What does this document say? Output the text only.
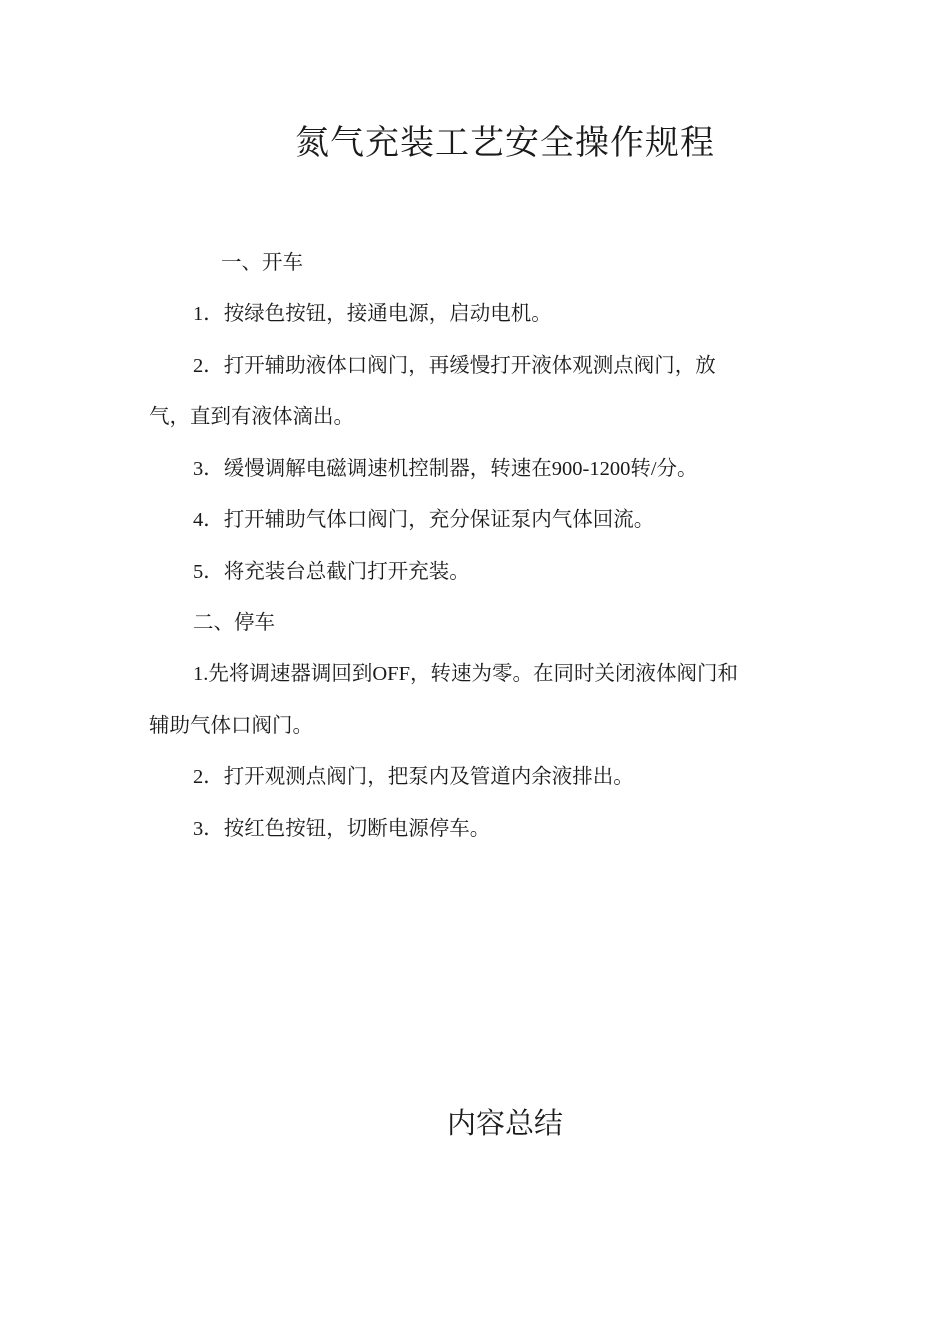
氮气充装工艺安全操作规程

一、开车

1．按绿色按钮，接通电源，启动电机。

2．打开辅助液体口阀门，再缓慢打开液体观测点阀门，放

气，直到有液体滴出。

3．缓慢调解电磁调速机控制器，转速在900-1200转/分。

4．打开辅助气体口阀门，充分保证泵内气体回流。

5．将充装台总截门打开充装。

二、停车

1.先将调速器调回到OFF，转速为零。在同时关闭液体阀门和

辅助气体口阀门。

2．打开观测点阀门，把泵内及管道内余液排出。

3．按红色按钮，切断电源停车。

内容总结
